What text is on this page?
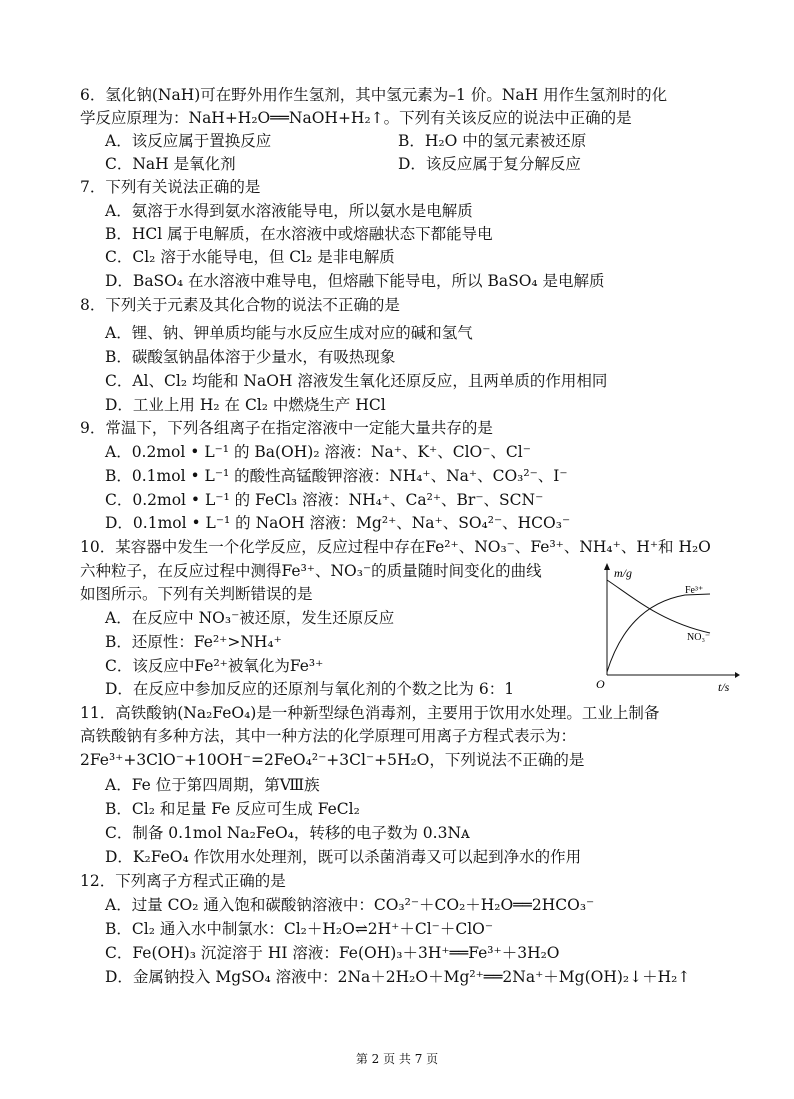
6．氢化钠(NaH)可在野外用作生氢剂，其中氢元素为–1 价。NaH 用作生氢剂时的化
学反应原理为：NaH+H₂O══NaOH+H₂↑。下列有关该反应的说法中正确的是
A．该反应属于置换反应	B．H₂O 中的氢元素被还原
C．NaH 是氧化剂	D．该反应属于复分解反应
7．下列有关说法正确的是
A．氨溶于水得到氨水溶液能导电，所以氨水是电解质
B．HCl 属于电解质，在水溶液中或熔融状态下都能导电
C．Cl₂ 溶于水能导电，但 Cl₂ 是非电解质
D．BaSO₄ 在水溶液中难导电，但熔融下能导电，所以 BaSO₄ 是电解质
8．下列关于元素及其化合物的说法不正确的是
A．锂、钠、钾单质均能与水反应生成对应的碱和氢气
B．碳酸氢钠晶体溶于少量水，有吸热现象
C．Al、Cl₂ 均能和 NaOH 溶液发生氧化还原反应，且两单质的作用相同
D．工业上用 H₂ 在 Cl₂ 中燃烧生产 HCl
9．常温下，下列各组离子在指定溶液中一定能大量共存的是
A．0.2mol • L⁻¹ 的 Ba(OH)₂ 溶液：Na⁺、K⁺、ClO⁻、Cl⁻
B．0.1mol • L⁻¹ 的酸性高锰酸钾溶液：NH₄⁺、Na⁺、CO₃²⁻、I⁻
C．0.2mol • L⁻¹ 的 FeCl₃ 溶液：NH₄⁺、Ca²⁺、Br⁻、SCN⁻
D．0.1mol • L⁻¹ 的 NaOH 溶液：Mg²⁺、Na⁺、SO₄²⁻、HCO₃⁻
10．某容器中发生一个化学反应，反应过程中存在Fe²⁺、NO₃⁻、Fe³⁺、NH₄⁺、H⁺和 H₂O
六种粒子，在反应过程中测得Fe³⁺、NO₃⁻的质量随时间变化的曲线
如图所示。下列有关判断错误的是
A．在反应中 NO₃⁻被还原，发生还原反应
B．还原性：Fe²⁺>NH₄⁺
C．该反应中Fe²⁺被氧化为Fe³⁺
D．在反应中参加反应的还原剂与氧化剂的个数之比为 6：1
m/g
t/s
O
Fe³⁺
NO₃⁻
11．高铁酸钠(Na₂FeO₄)是一种新型绿色消毒剂，主要用于饮用水处理。工业上制备
高铁酸钠有多种方法，其中一种方法的化学原理可用离子方程式表示为：
2Fe³⁺+3ClO⁻+10OH⁻=2FeO₄²⁻+3Cl⁻+5H₂O，下列说法不正确的是
A．Fe 位于第四周期，第Ⅷ族
B．Cl₂ 和足量 Fe 反应可生成 FeCl₂
C．制备 0.1mol Na₂FeO₄，转移的电子数为 0.3Nᴀ
D．K₂FeO₄ 作饮用水处理剂，既可以杀菌消毒又可以起到净水的作用
12．下列离子方程式正确的是
A．过量 CO₂ 通入饱和碳酸钠溶液中：CO₃²⁻＋CO₂＋H₂O══2HCO₃⁻
B．Cl₂ 通入水中制氯水：Cl₂＋H₂O⇌2H⁺＋Cl⁻＋ClO⁻
C．Fe(OH)₃ 沉淀溶于 HI 溶液：Fe(OH)₃＋3H⁺══Fe³⁺＋3H₂O
D．金属钠投入 MgSO₄ 溶液中：2Na＋2H₂O＋Mg²⁺══2Na⁺＋Mg(OH)₂↓＋H₂↑
第 2 页 共 7 页
